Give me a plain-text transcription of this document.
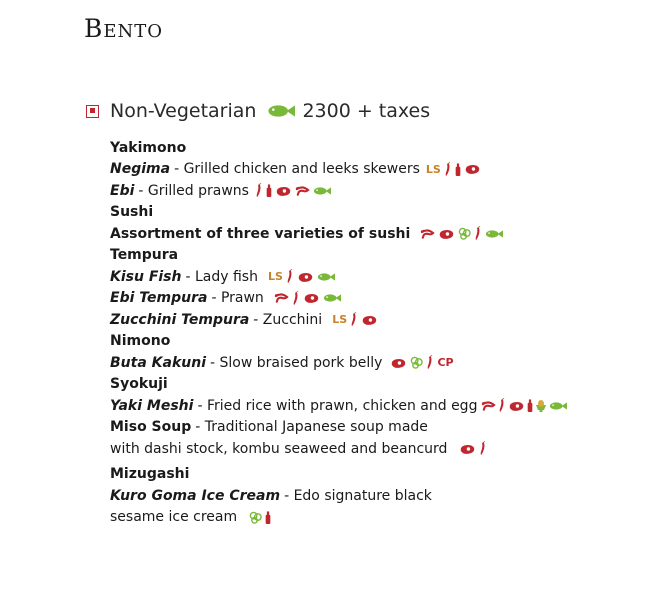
Bento
Non-Vegetarian 2300 + taxes
Yakimono
Negima - Grilled chicken and leeks skewers LS
Ebi - Grilled prawns
Sushi
Assortment of three varieties of sushi
Tempura
Kisu Fish - Lady fish LS
Ebi Tempura - Prawn
Zucchini Tempura - Zucchini LS
Nimono
Buta Kakuni - Slow braised pork belly	CP
Syokuji
Yaki Meshi - Fried rice with prawn, chicken and egg
Miso Soup - Traditional Japanese soup made
with dashi stock, kombu seaweed and beancurd
Mizugashi
Kuro Goma Ice Cream - Edo signature black
sesame ice cream
